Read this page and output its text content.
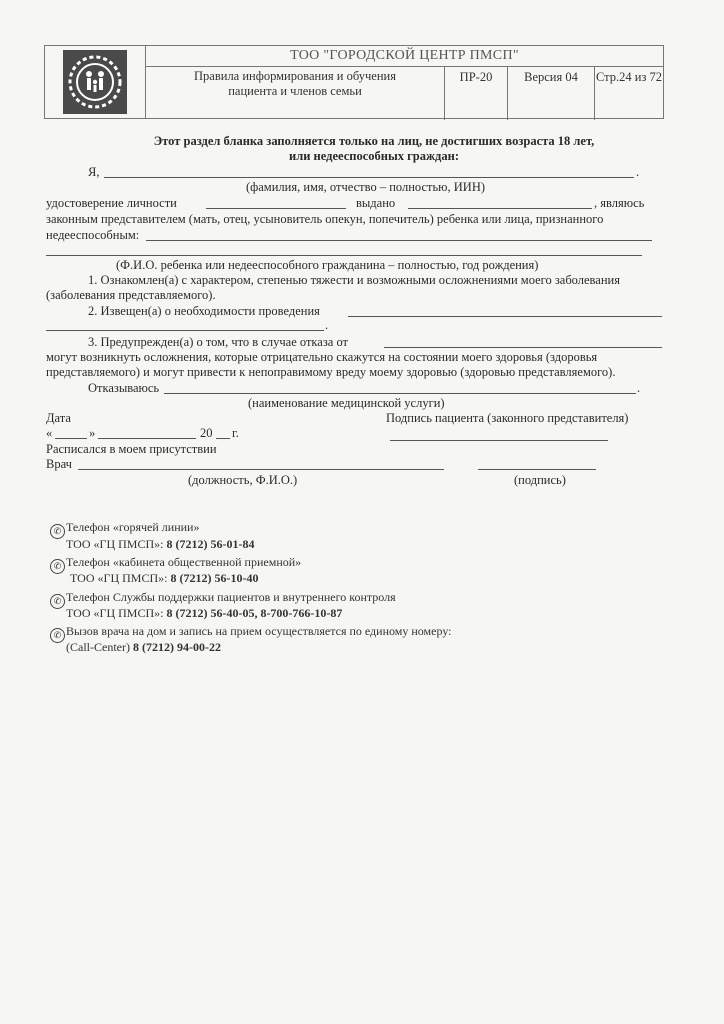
ТОО "ГОРОДСКОЙ ЦЕНТР ПМСП"
Правила информирования и обучения
пациента и членов семьи
ПР-20	Версия 04	Стр.24 из 72
Этот раздел бланка заполняется только на лиц, не достигших возраста 18 лет,
или недееспособных граждан:
Я,	.
(фамилия, имя, отчество – полностью, ИИН)
удостоверение личности	выдано	, являюсь
законным представителем (мать, отец, усыновитель опекун, попечитель) ребенка или лица, признанного
недееспособным:
(Ф.И.О. ребенка или недееспособного гражданина – полностью, год рождения)
1. Ознакомлен(а) с характером, степенью тяжести и возможными осложнениями моего заболевания
(заболевания представляемого).
2. Извещен(а) о необходимости проведения
.
3. Предупрежден(а) о том, что в случае отказа от
могут возникнуть осложнения, которые отрицательно скажутся на состоянии моего здоровья (здоровья
представляемого) и могут привести к непоправимому вреду моему здоровью (здоровью представляемого).
Отказываюсь	.
(наименование медицинской услуги)
Дата	Подпись пациента (законного представителя)
«	»	20 г.
Расписался в моем присутствии
Врач
(должность, Ф.И.О.)	(подпись)
✆ Телефон «горячей линии»
ТОО «ГЦ ПМСП»: 8 (7212) 56-01-84
✆ Телефон «кабинета общественной приемной»
ТОО «ГЦ ПМСП»: 8 (7212) 56-10-40
✆ Телефон Службы поддержки пациентов и внутреннего контроля
ТОО «ГЦ ПМСП»: 8 (7212) 56-40-05, 8-700-766-10-87
✆ Вызов врача на дом и запись на прием осуществляется по единому номеру:
(Call-Center) 8 (7212) 94-00-22
